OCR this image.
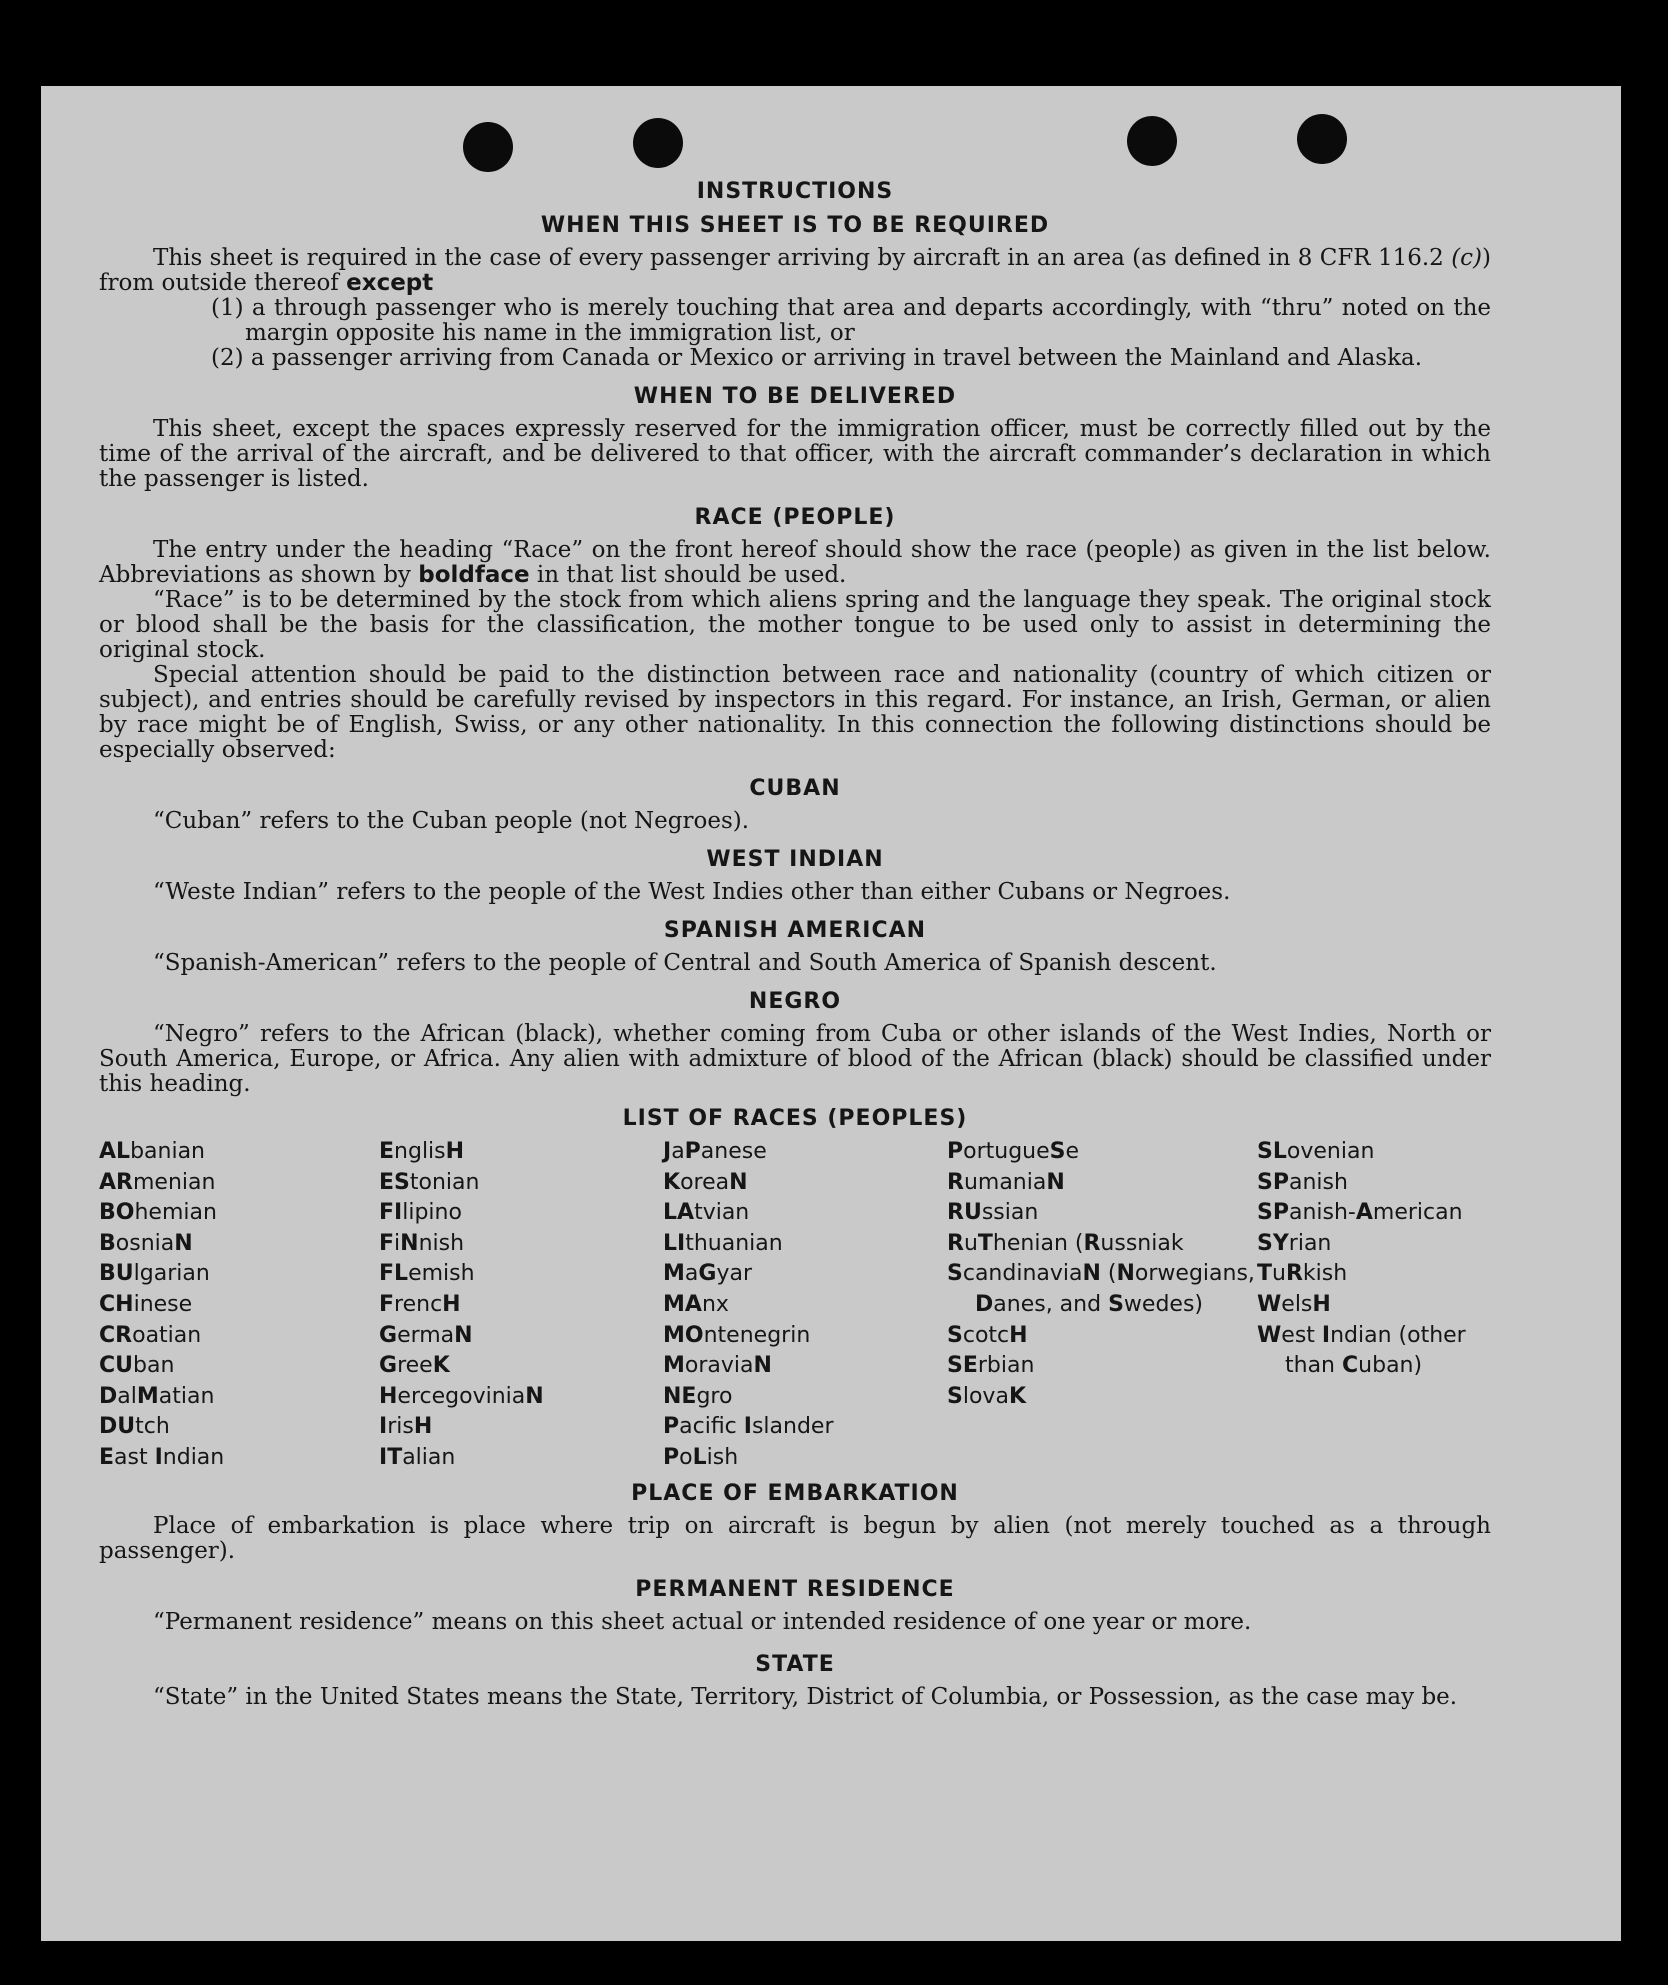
INSTRUCTIONS
WHEN THIS SHEET IS TO BE REQUIRED

This sheet is required in the case of every passenger arriving by aircraft in an area (as defined in 8 CFR 116.2 (c)) from outside thereof except

(1) a through passenger who is merely touching that area and departs accordingly, with “thru” noted on the margin opposite his name in the immigration list, or
(2) a passenger arriving from Canada or Mexico or arriving in travel between the Mainland and Alaska.
WHEN TO BE DELIVERED

This sheet, except the spaces expressly reserved for the immigration officer, must be correctly filled out by the time of the arrival of the aircraft, and be delivered to that officer, with the aircraft commander’s declaration in which the passenger is listed.

RACE (PEOPLE)

The entry under the heading “Race” on the front hereof should show the race (people) as given in the list below. Abbreviations as shown by boldface in that list should be used.

“Race” is to be determined by the stock from which aliens spring and the language they speak. The original stock or blood shall be the basis for the classification, the mother tongue to be used only to assist in determining the original stock.

Special attention should be paid to the distinction between race and nationality (country of which citizen or subject), and entries should be carefully revised by inspectors in this regard. For instance, an Irish, German, or alien by race might be of English, Swiss, or any other nationality. In this connection the following distinctions should be especially observed:

CUBAN

“Cuban” refers to the Cuban people (not Negroes).

WEST INDIAN

“Weste Indian” refers to the people of the West Indies other than either Cubans or Negroes.

SPANISH AMERICAN

“Spanish-American” refers to the people of Central and South America of Spanish descent.

NEGRO

“Negro” refers to the African (black), whether coming from Cuba or other islands of the West Indies, North or South America, Europe, or Africa. Any alien with admixture of blood of the African (black) should be classified under this heading.

LIST OF RACES (PEOPLES)
ALbanian
ARmenian
BOhemian
BosniaN
BUlgarian
CHinese
CRoatian
CUban
DalMatian
DUtch
East Indian
EnglisH
EStonian
FIlipino
FiNnish
FLemish
FrencH
GermaN
GreeK
HercegoviniaN
IrisH
ITalian
JaPanese
KoreaN
LAtvian
LIthuanian
MaGyar
MAnx
MOntenegrin
MoraviaN
NEgro
Pacific Islander
PoLish
PortugueSe
RumaniaN
RUssian
RuThenian (Russniak
ScandinaviaN (Norwegians, Danes, and Swedes)
ScotcH
SErbian
SlovaK
SLovenian
SPanish
SPanish-American
SYrian
TuRkish
WelsH
West Indian (other than Cuban)
PLACE OF EMBARKATION

Place of embarkation is place where trip on aircraft is begun by alien (not merely touched as a through passenger).

PERMANENT RESIDENCE

“Permanent residence” means on this sheet actual or intended residence of one year or more.

STATE

“State” in the United States means the State, Territory, District of Columbia, or Possession, as the case may be.
